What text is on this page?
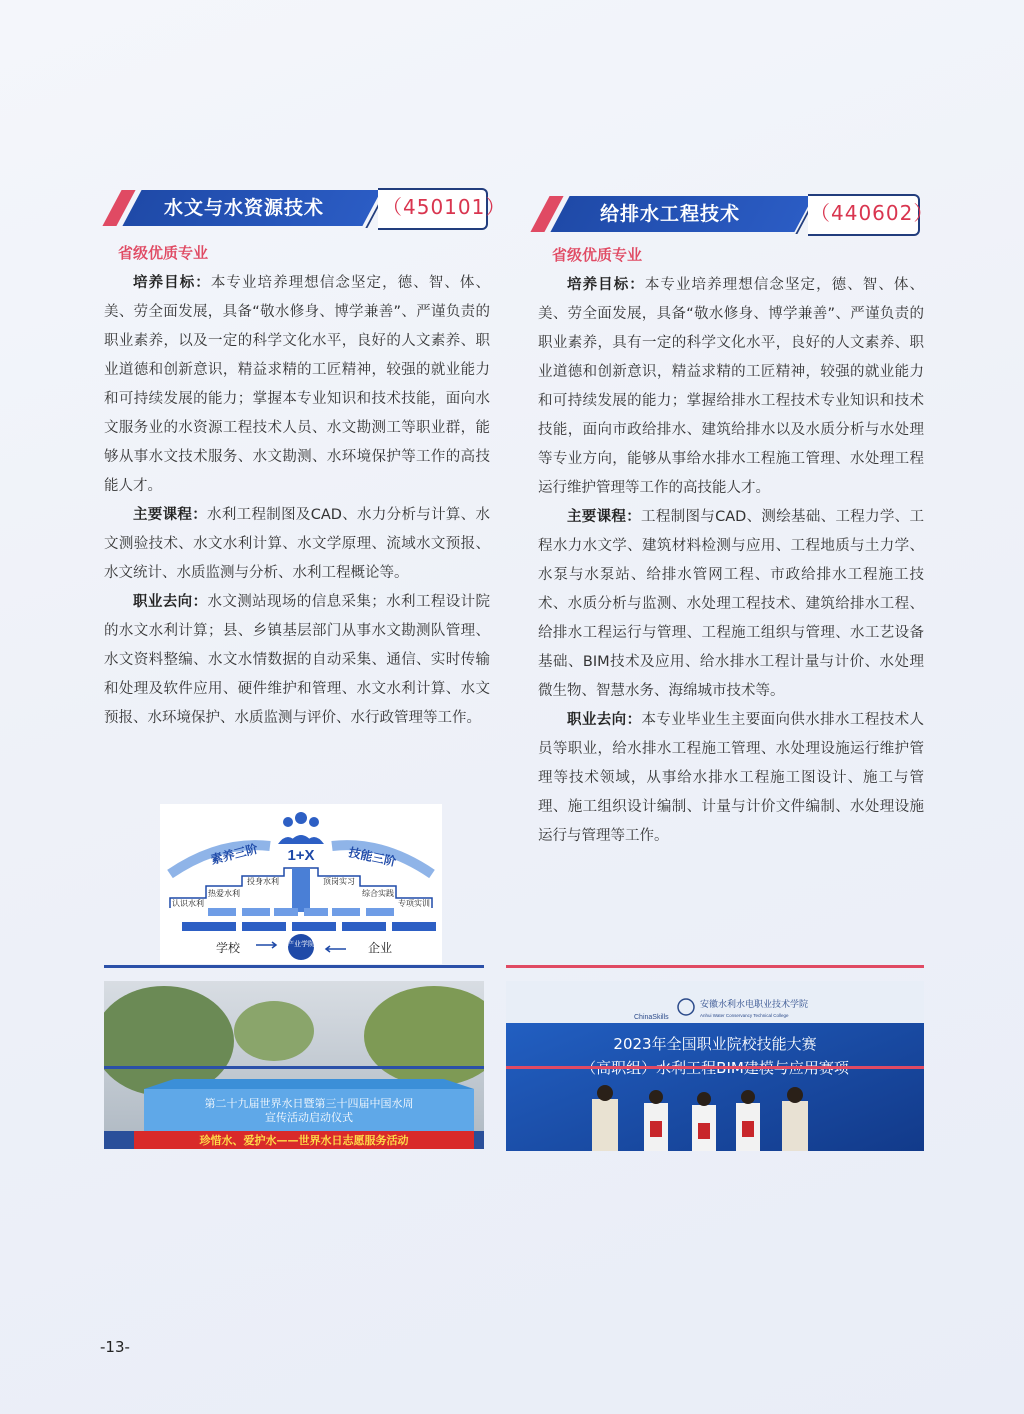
水文与水资源技术	（450101）
省级优质专业

培养目标：本专业培养理想信念坚定，德、智、体、美、劳全面发展，具备“敬水修身、博学兼善”、严谨负责的职业素养，以及一定的科学文化水平，良好的人文素养、职业道德和创新意识，精益求精的工匠精神，较强的就业能力和可持续发展的能力；掌握本专业知识和技术技能，面向水文服务业的水资源工程技术人员、水文勘测工等职业群，能够从事水文技术服务、水文勘测、水环境保护等工作的高技能人才。

主要课程：水利工程制图及CAD、水力分析与计算、水文测验技术、水文水利计算、水文学原理、流域水文预报、水文统计、水质监测与分析、水利工程概论等。

职业去向：水文测站现场的信息采集；水利工程设计院的水文水利计算；县、乡镇基层部门从事水文勘测队管理、水文资料整编、水文水情数据的自动采集、通信、实时传输和处理及软件应用、硬件维护和管理、水文水利计算、水文预报、水环境保护、水质监测与评价、水行政管理等工作。

给排水工程技术	（440602）
省级优质专业

培养目标：本专业培养理想信念坚定，德、智、体、美、劳全面发展，具备“敬水修身、博学兼善”、严谨负责的职业素养，具有一定的科学文化水平，良好的人文素养、职业道德和创新意识，精益求精的工匠精神，较强的就业能力和可持续发展的能力；掌握给排水工程技术专业知识和技术技能，面向市政给排水、建筑给排水以及水质分析与水处理等专业方向，能够从事给水排水工程施工管理、水处理工程运行维护管理等工作的高技能人才。

主要课程：工程制图与CAD、测绘基础、工程力学、工程水力水文学、建筑材料检测与应用、工程地质与土力学、水泵与水泵站、给排水管网工程、市政给排水工程施工技术、水质分析与监测、水处理工程技术、建筑给排水工程、给排水工程运行与管理、工程施工组织与管理、水工艺设备基础、BIM技术及应用、给水排水工程计量与计价、水处理微生物、智慧水务、海绵城市技术等。

职业去向：本专业毕业生主要面向供水排水工程技术人员等职业，给水排水工程施工管理、水处理设施运行维护管理等技术领域，从事给水排水工程施工图设计、施工与管理、施工组织设计编制、计量与计价文件编制、水处理设施运行与管理等工作。

1+X
素养三阶	技能三阶
认识水利
热爱水利
投身水利	顶岗实习
综合实践
专项实训
学校	企业
产业学院
第二十九届世界水日暨第三十四届中国水周
宣传活动启动仪式
珍惜水、爱护水——世界水日志愿服务活动
ChinaSkills
安徽水利水电职业技术学院
Anhui Water Conservancy Technical College
2023年全国职业院校技能大赛
-13-
